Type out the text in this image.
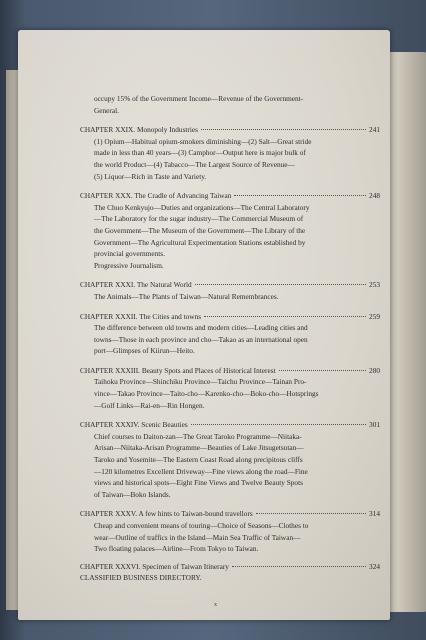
occupy 15% of the Government Income—Revenue of the Government-
General.
CHAPTER XXIX. Monopoly Industries	241
(1) Opium—Habitual opium-smokers diminishing—(2) Salt—Great stride
made in less than 40 years—(3) Camphor—Output here is major bulk of
the world Product—(4) Tabacco—The Largest Source of Revenue—
(5) Liquor—Rich in Taste and Variety.
CHAPTER XXX. The Cradle of Advancing Taiwan	248
The Chuo Kenkyujo—Duties and organizations—The Central Laboratory
—The Laboratory for the sugar industry—The Commercial Museum of
the Government—The Museum of the Government—The Library of the
Government—The Agricultural Experimentation Stations established by
provincial governments.
Progressive Journalism.
CHAPTER XXXI. The Natural World	253
The Animals—The Plants of Taiwan—Natural Remembrances.
CHAPTER XXXII. The Cities and towns	259
The difference between old towns and modern cities—Leading cities and
towns—Those in each province and cho—Takao as an international open
port—Glimpses of Kiirun—Heito.
CHAPTER XXXIII. Beauty Spots and Places of Historical Interest	280
Taihoku Province—Shinchiku Province—Taichu Province—Tainan Pro-
vince—Takao Province—Taito-cho—Karenko-cho—Boko-cho—Hotsprings
—Golf Links—Rai-en—Rin Hongen.
CHAPTER XXXIV. Scenic Beauties	301
Chief courses to Daiton-zan—The Great Taroko Programme—Niitaka-
Arisan—Niitaka-Arisan Programme—Beauties of Lake Jitsugetsutan—
Taroko and Yosemite—The Eastern Coast Road along precipitous cliffs
—120 kilometres Excellent Driveway—Fine views along the road—Fine
views and historical spots—Eight Fine Views and Twelve Beauty Spots
of Taiwan—Boko Islands.
CHAPTER XXXV. A few hints to Taiwan-bound travellors	314
Cheap and convenient means of touring—Choice of Seasons—Clothes to
wear—Outline of traffics in the Island—Main Sea Traffic of Taiwan—
Two floating palaces—Airline—From Tokyo to Taiwan.
CHAPTER XXXVI. Specimen of Taiwan Itinerary	324
CLASSIFIED BUSINESS DIRECTORY.
x
